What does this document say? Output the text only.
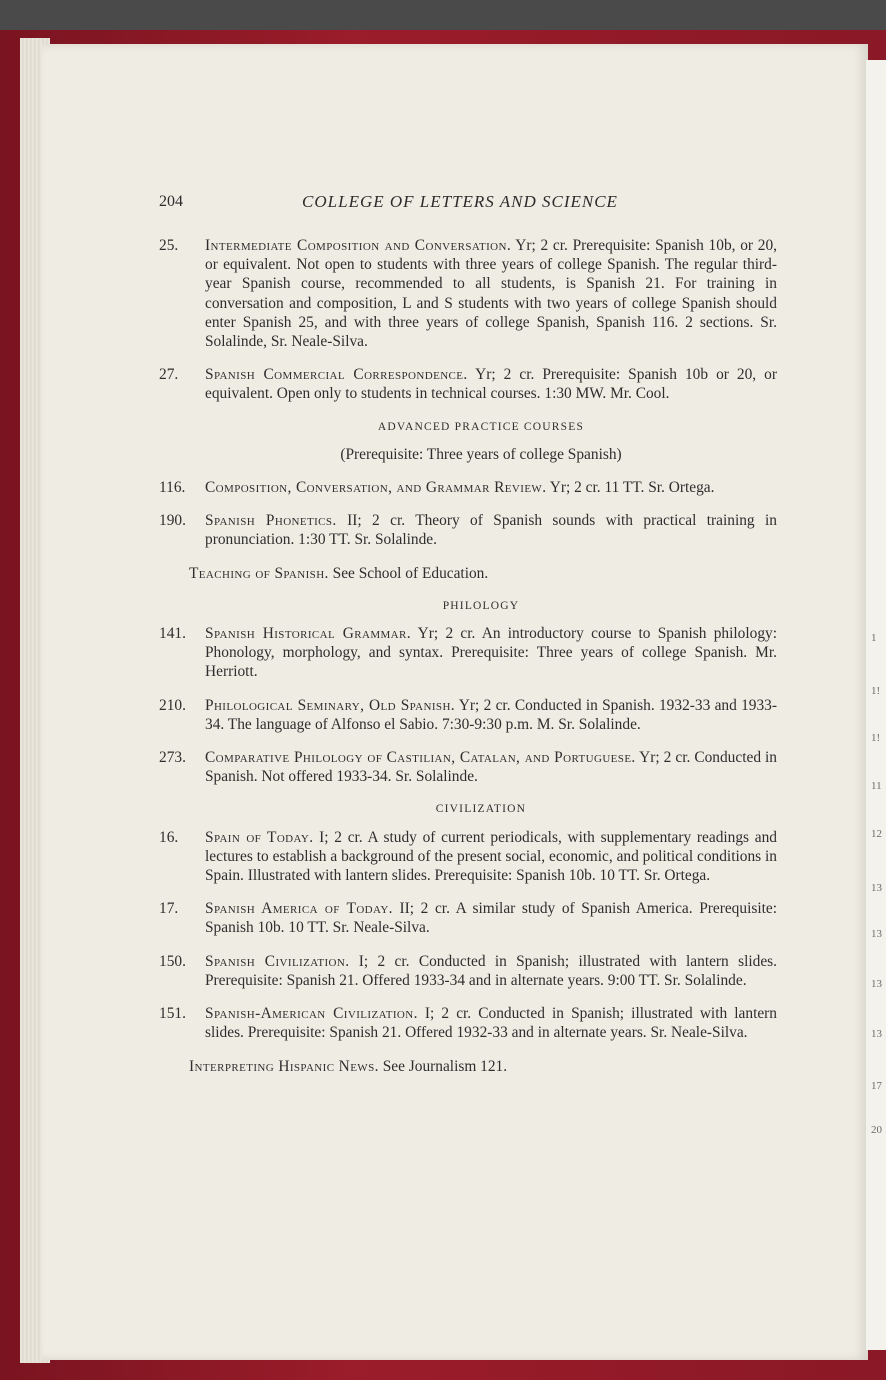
204	COLLEGE OF LETTERS AND SCIENCE
25. Intermediate Composition and Conversation. Yr; 2 cr. Prerequisite: Spanish 10b, or 20, or equivalent. Not open to students with three years of college Spanish. The regular third-year Spanish course, recommended to all students, is Spanish 21. For training in conversation and composition, L and S students with two years of college Spanish should enter Spanish 25, and with three years of college Spanish, Spanish 116. 2 sections. Sr. Solalinde, Sr. Neale-Silva.
27. Spanish Commercial Correspondence. Yr; 2 cr. Prerequisite: Spanish 10b or 20, or equivalent. Open only to students in technical courses. 1:30 MW. Mr. Cool.
ADVANCED PRACTICE COURSES
(Prerequisite: Three years of college Spanish)
116. Composition, Conversation, and Grammar Review. Yr; 2 cr. 11 TT. Sr. Ortega.
190. Spanish Phonetics. II; 2 cr. Theory of Spanish sounds with practical training in pronunciation. 1:30 TT. Sr. Solalinde.
Teaching of Spanish. See School of Education.
PHILOLOGY
141. Spanish Historical Grammar. Yr; 2 cr. An introductory course to Spanish philology: Phonology, morphology, and syntax. Prerequisite: Three years of college Spanish. Mr. Herriott.
210. Philological Seminary, Old Spanish. Yr; 2 cr. Conducted in Spanish. 1932-33 and 1933-34. The language of Alfonso el Sabio. 7:30-9:30 p.m. M. Sr. Solalinde.
273. Comparative Philology of Castilian, Catalan, and Portuguese. Yr; 2 cr. Conducted in Spanish. Not offered 1933-34. Sr. Solalinde.
CIVILIZATION
16. Spain of Today. I; 2 cr. A study of current periodicals, with supplementary readings and lectures to establish a background of the present social, economic, and political conditions in Spain. Illustrated with lantern slides. Prerequisite: Spanish 10b. 10 TT. Sr. Ortega.
17. Spanish America of Today. II; 2 cr. A similar study of Spanish America. Prerequisite: Spanish 10b. 10 TT. Sr. Neale-Silva.
150. Spanish Civilization. I; 2 cr. Conducted in Spanish; illustrated with lantern slides. Prerequisite: Spanish 21. Offered 1933-34 and in alternate years. 9:00 TT. Sr. Solalinde.
151. Spanish-American Civilization. I; 2 cr. Conducted in Spanish; illustrated with lantern slides. Prerequisite: Spanish 21. Offered 1932-33 and in alternate years. Sr. Neale-Silva.
Interpreting Hispanic News. See Journalism 121.
1
1!
1!
11
12
13
13
13
13
17
20
